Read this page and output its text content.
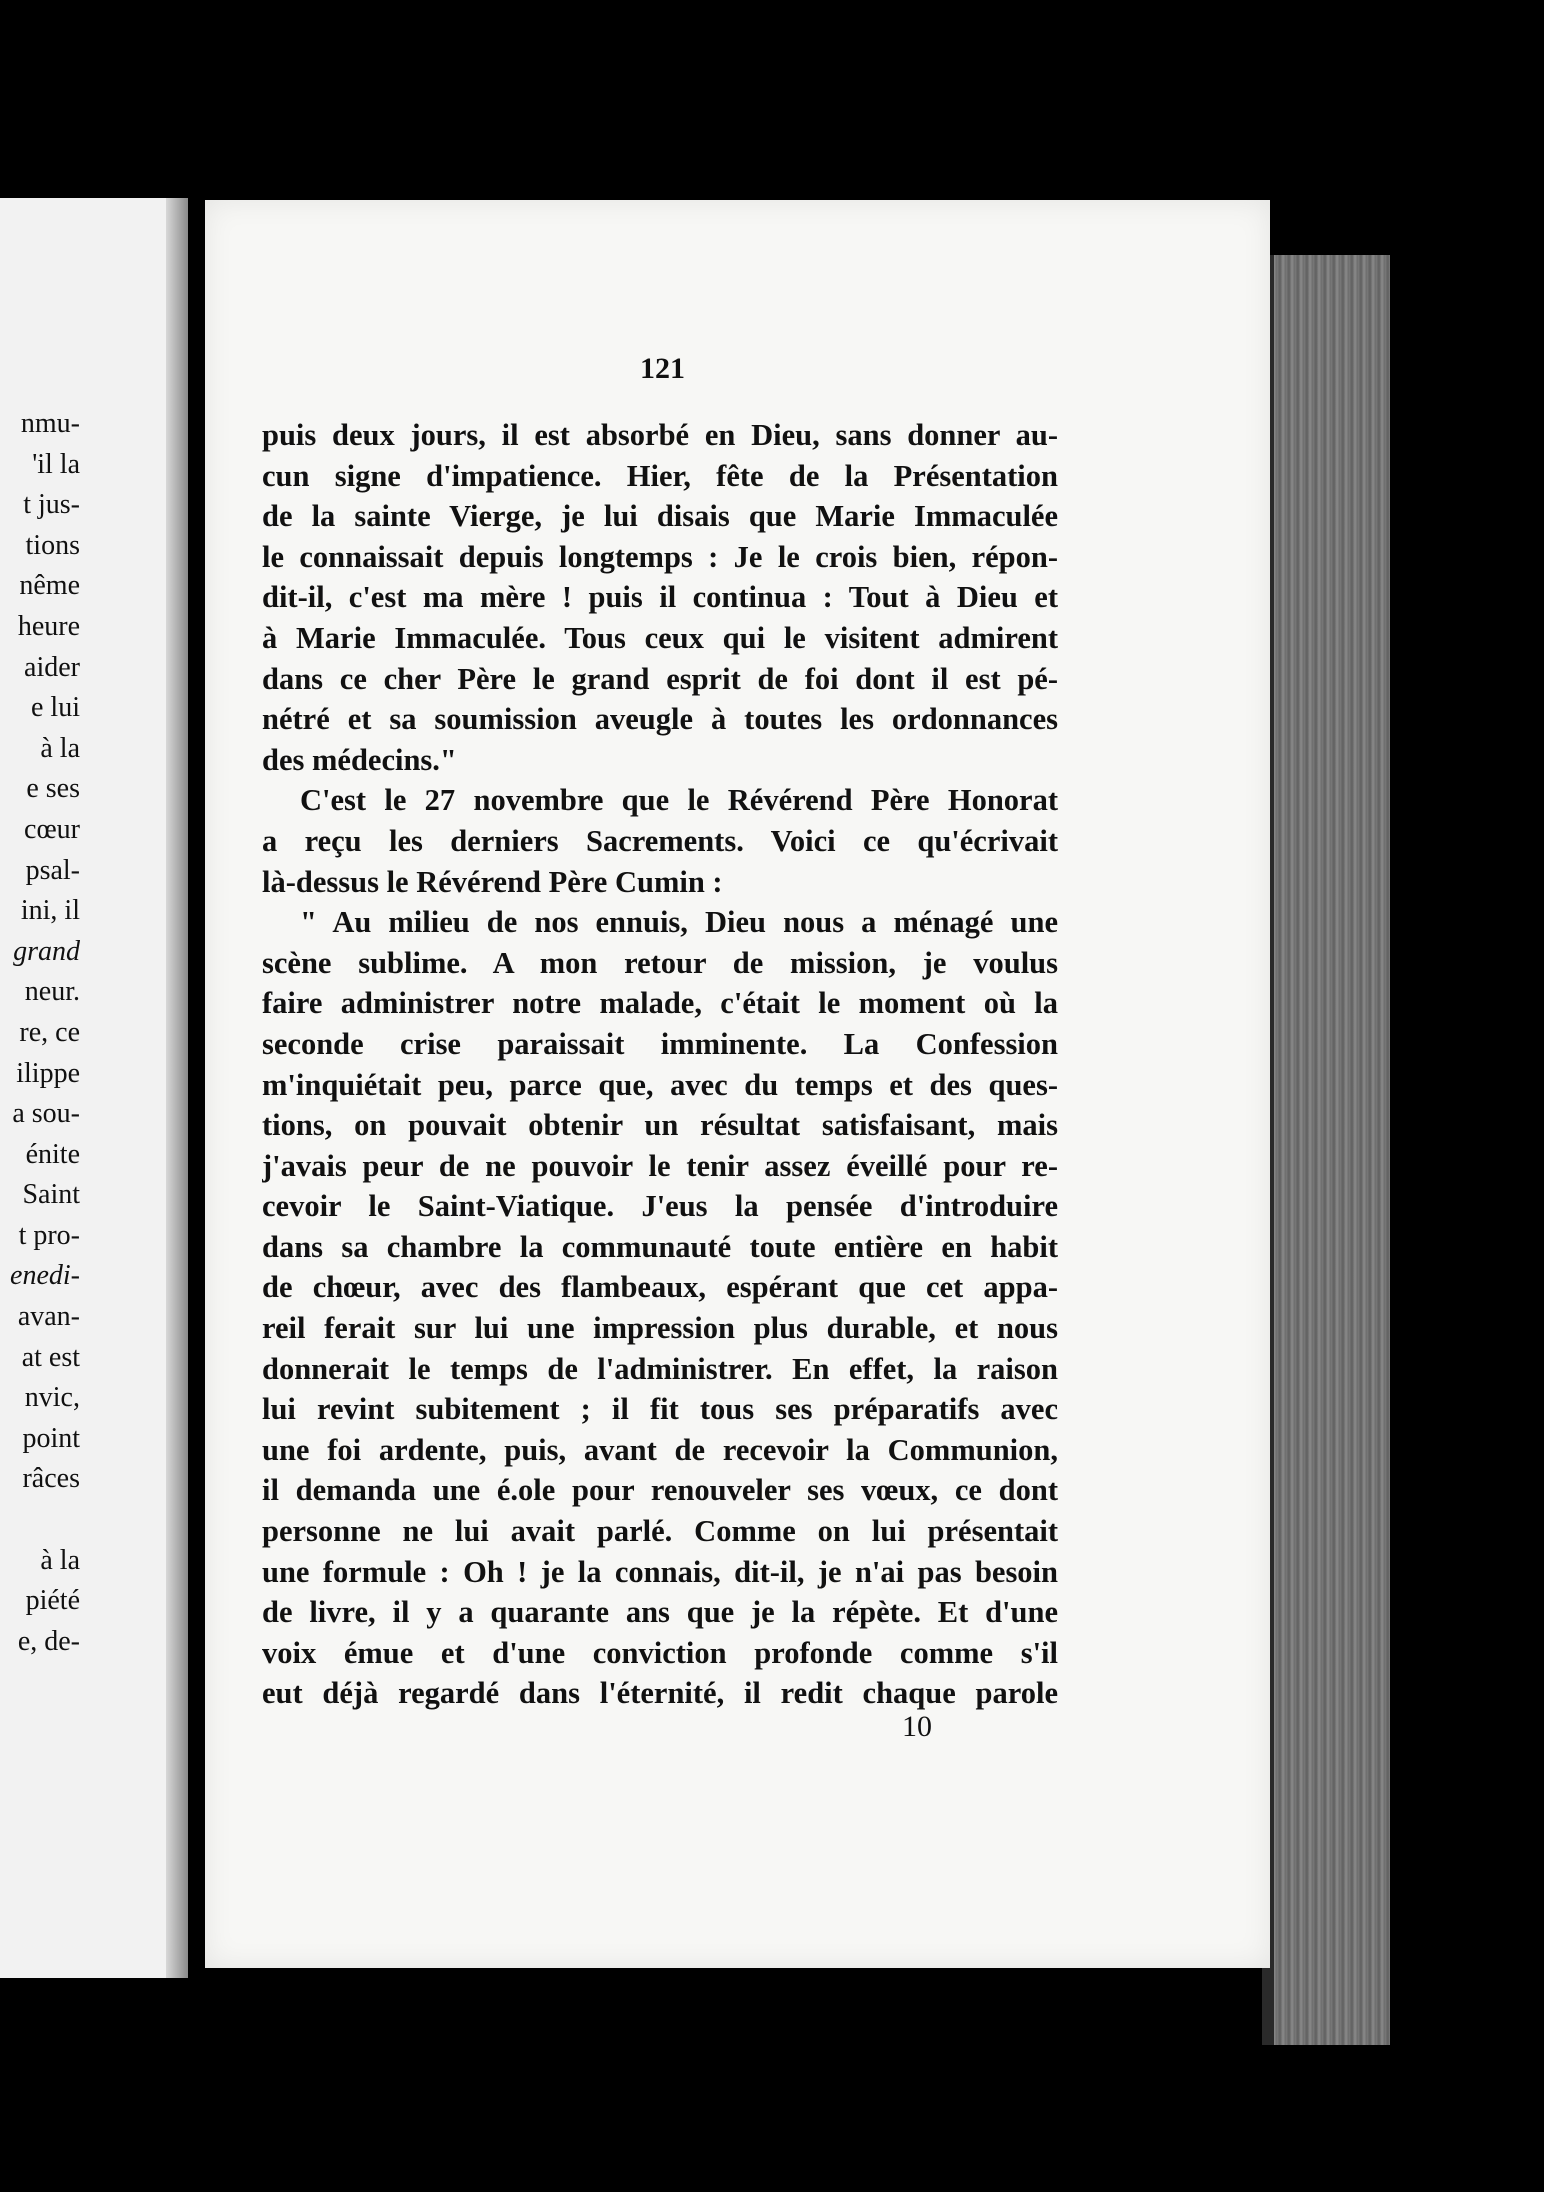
nmu-
'il la
t jus-
tions
nême
heure
aider
e lui
à la
e ses
cœur
psal-
ini, il
grand
neur.
re, ce
ilippe
a sou-
énite
Saint
t pro-
enedi-
avan-
at est
nvic,
point
râces
à la
piété
e, de-
121
puis deux jours, il est absorbé en Dieu, sans donner au-
cun signe d'impatience. Hier, fête de la Présentation
de la sainte Vierge, je lui disais que Marie Immaculée
le connaissait depuis longtemps : Je le crois bien, répon-
dit-il, c'est ma mère ! puis il continua : Tout à Dieu et
à Marie Immaculée. Tous ceux qui le visitent admirent
dans ce cher Père le grand esprit de foi dont il est pé-
nétré et sa soumission aveugle à toutes les ordonnances
des médecins."
C'est le 27 novembre que le Révérend Père Honorat
a reçu les derniers Sacrements. Voici ce qu'écrivait
là-dessus le Révérend Père Cumin :
" Au milieu de nos ennuis, Dieu nous a ménagé une
scène sublime. A mon retour de mission, je voulus
faire administrer notre malade, c'était le moment où la
seconde crise paraissait imminente. La Confession
m'inquiétait peu, parce que, avec du temps et des ques-
tions, on pouvait obtenir un résultat satisfaisant, mais
j'avais peur de ne pouvoir le tenir assez éveillé pour re-
cevoir le Saint-Viatique. J'eus la pensée d'introduire
dans sa chambre la communauté toute entière en habit
de chœur, avec des flambeaux, espérant que cet appa-
reil ferait sur lui une impression plus durable, et nous
donnerait le temps de l'administrer. En effet, la raison
lui revint subitement ; il fit tous ses préparatifs avec
une foi ardente, puis, avant de recevoir la Communion,
il demanda une é.ole pour renouveler ses vœux, ce dont
personne ne lui avait parlé. Comme on lui présentait
une formule : Oh ! je la connais, dit-il, je n'ai pas besoin
de livre, il y a quarante ans que je la répète. Et d'une
voix émue et d'une conviction profonde comme s'il
eut déjà regardé dans l'éternité, il redit chaque parole
10
